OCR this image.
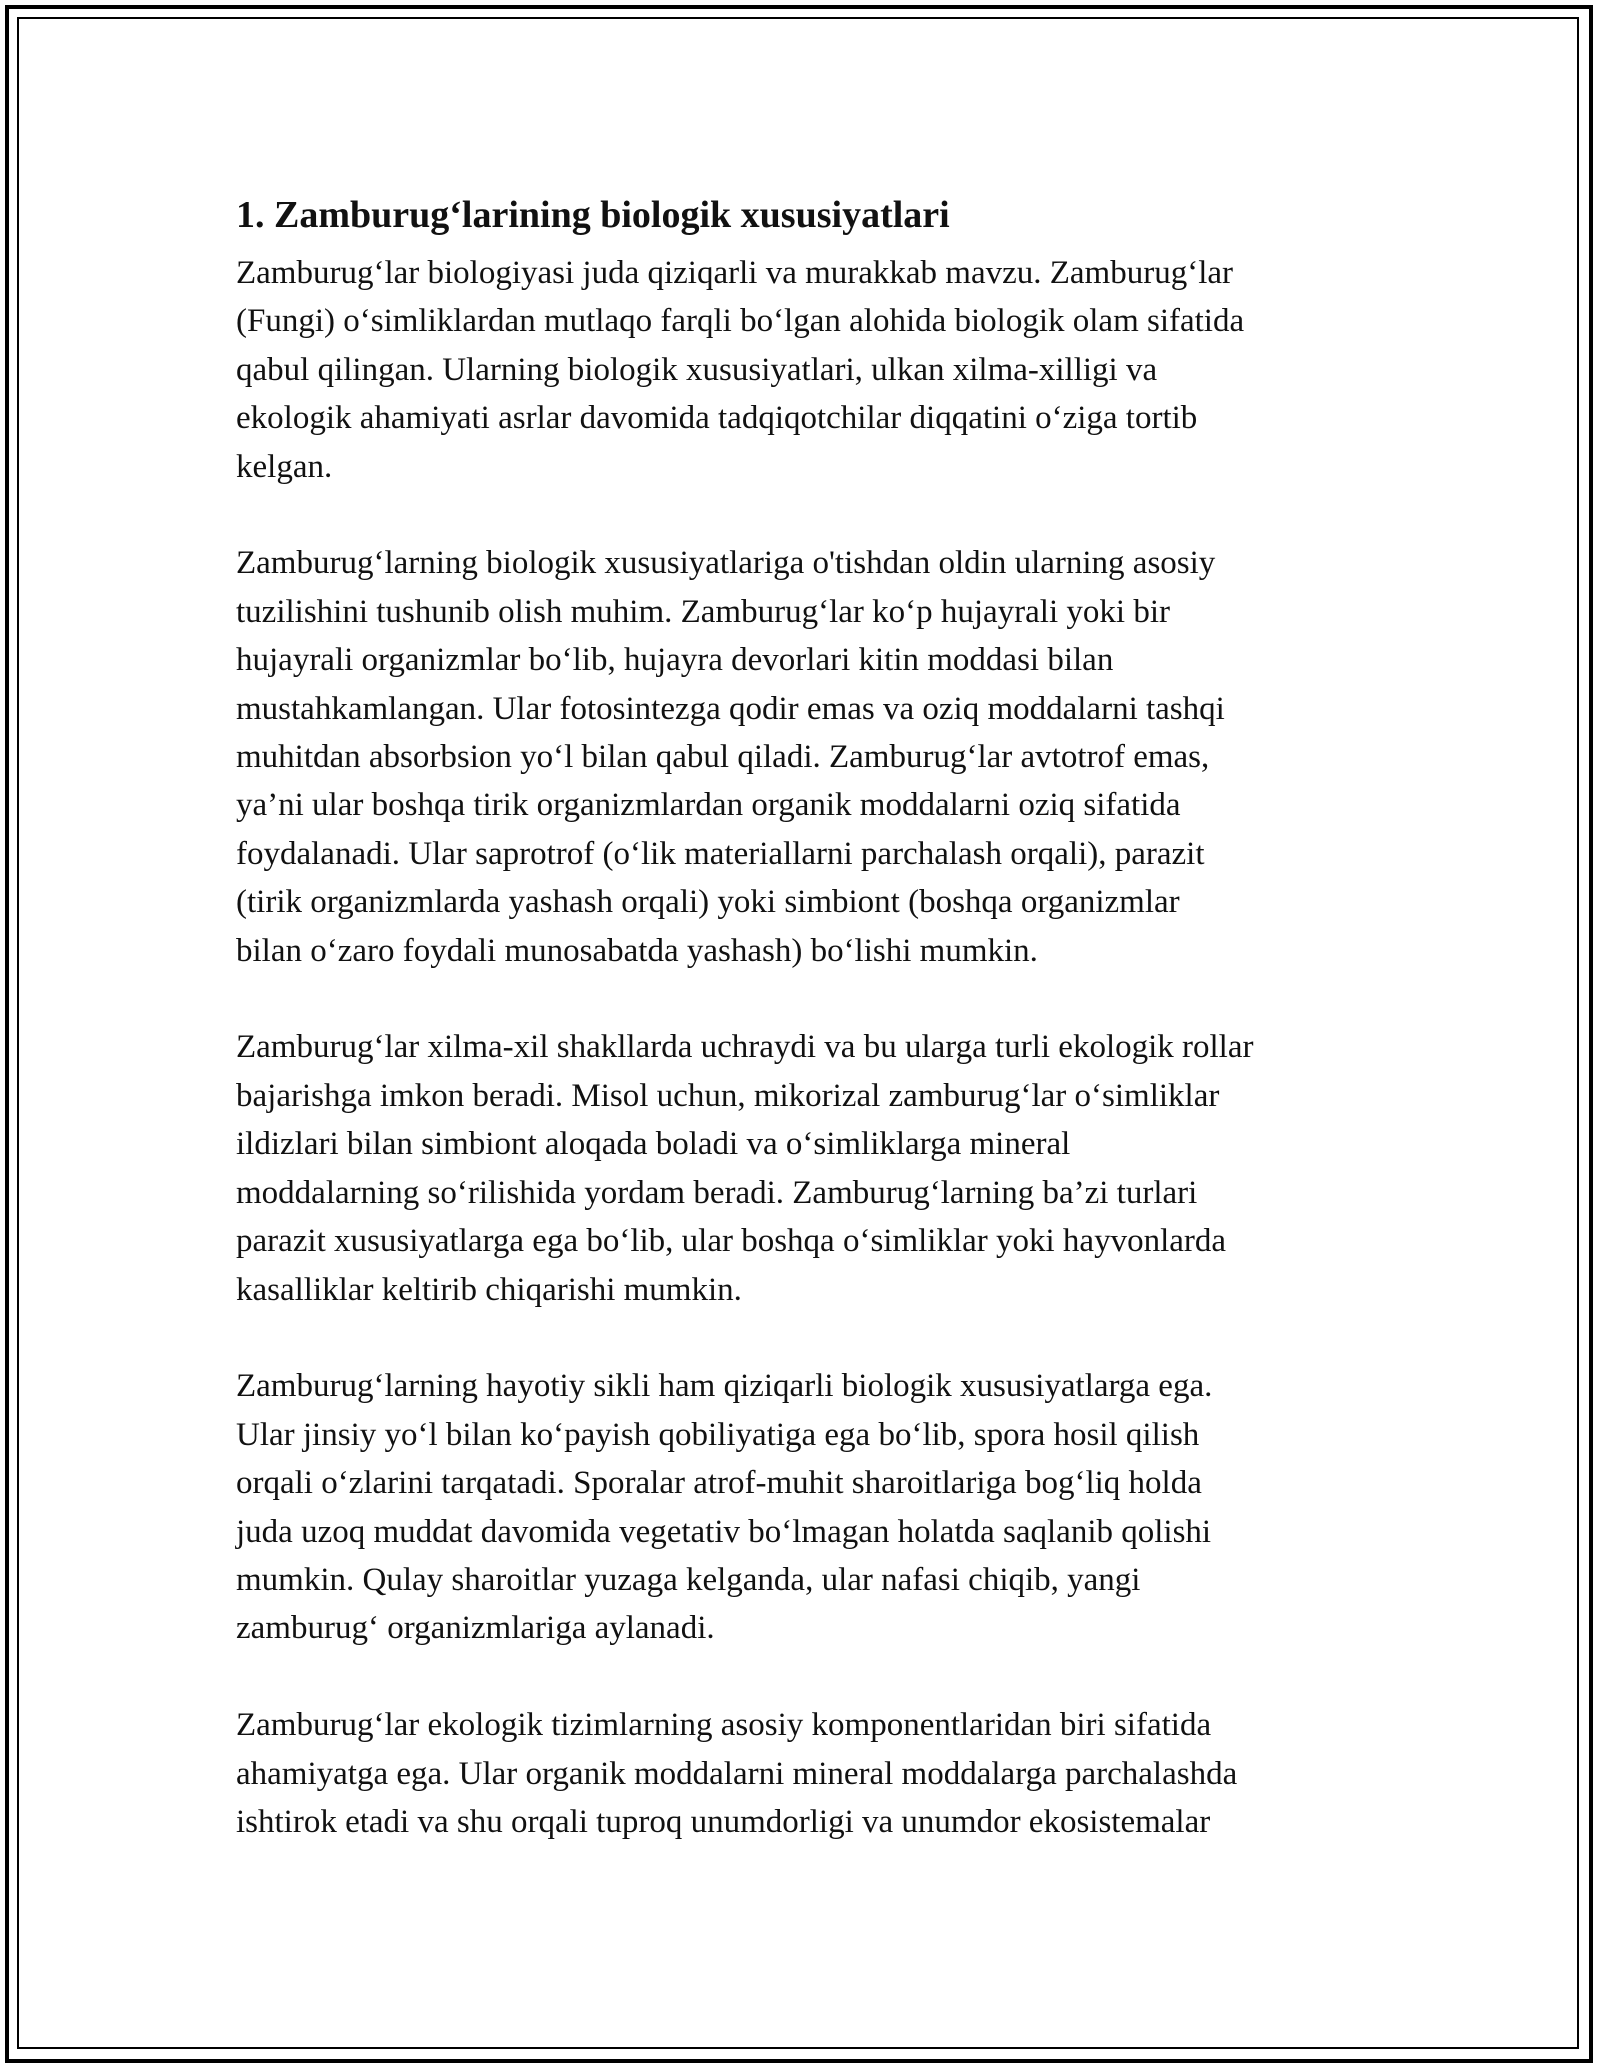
1. Zamburug‘larining biologik xususiyatlari
Zamburug‘lar biologiyasi juda qiziqarli va murakkab mavzu. Zamburug‘lar
(Fungi) o‘simliklardan mutlaqo farqli bo‘lgan alohida biologik olam sifatida
qabul qilingan. Ularning biologik xususiyatlari, ulkan xilma-xilligi va
ekologik ahamiyati asrlar davomida tadqiqotchilar diqqatini o‘ziga tortib
kelgan.
Zamburug‘larning biologik xususiyatlariga o'tishdan oldin ularning asosiy
tuzilishini tushunib olish muhim. Zamburug‘lar ko‘p hujayrali yoki bir
hujayrali organizmlar bo‘lib, hujayra devorlari kitin moddasi bilan
mustahkamlangan. Ular fotosintezga qodir emas va oziq moddalarni tashqi
muhitdan absorbsion yo‘l bilan qabul qiladi. Zamburug‘lar avtotrof emas,
ya’ni ular boshqa tirik organizmlardan organik moddalarni oziq sifatida
foydalanadi. Ular saprotrof (o‘lik materiallarni parchalash orqali), parazit
(tirik organizmlarda yashash orqali) yoki simbiont (boshqa organizmlar
bilan o‘zaro foydali munosabatda yashash) bo‘lishi mumkin.
Zamburug‘lar xilma-xil shakllarda uchraydi va bu ularga turli ekologik rollar
bajarishga imkon beradi. Misol uchun, mikorizal zamburug‘lar o‘simliklar
ildizlari bilan simbiont aloqada boladi va o‘simliklarga mineral
moddalarning so‘rilishida yordam beradi. Zamburug‘larning ba’zi turlari
parazit xususiyatlarga ega bo‘lib, ular boshqa o‘simliklar yoki hayvonlarda
kasalliklar keltirib chiqarishi mumkin.
Zamburug‘larning hayotiy sikli ham qiziqarli biologik xususiyatlarga ega.
Ular jinsiy yo‘l bilan ko‘payish qobiliyatiga ega bo‘lib, spora hosil qilish
orqali o‘zlarini tarqatadi. Sporalar atrof-muhit sharoitlariga bog‘liq holda
juda uzoq muddat davomida vegetativ bo‘lmagan holatda saqlanib qolishi
mumkin. Qulay sharoitlar yuzaga kelganda, ular nafasi chiqib, yangi
zamburug‘ organizmlariga aylanadi.
Zamburug‘lar ekologik tizimlarning asosiy komponentlaridan biri sifatida
ahamiyatga ega. Ular organik moddalarni mineral moddalarga parchalashda
ishtirok etadi va shu orqali tuproq unumdorligi va unumdor ekosistemalar
